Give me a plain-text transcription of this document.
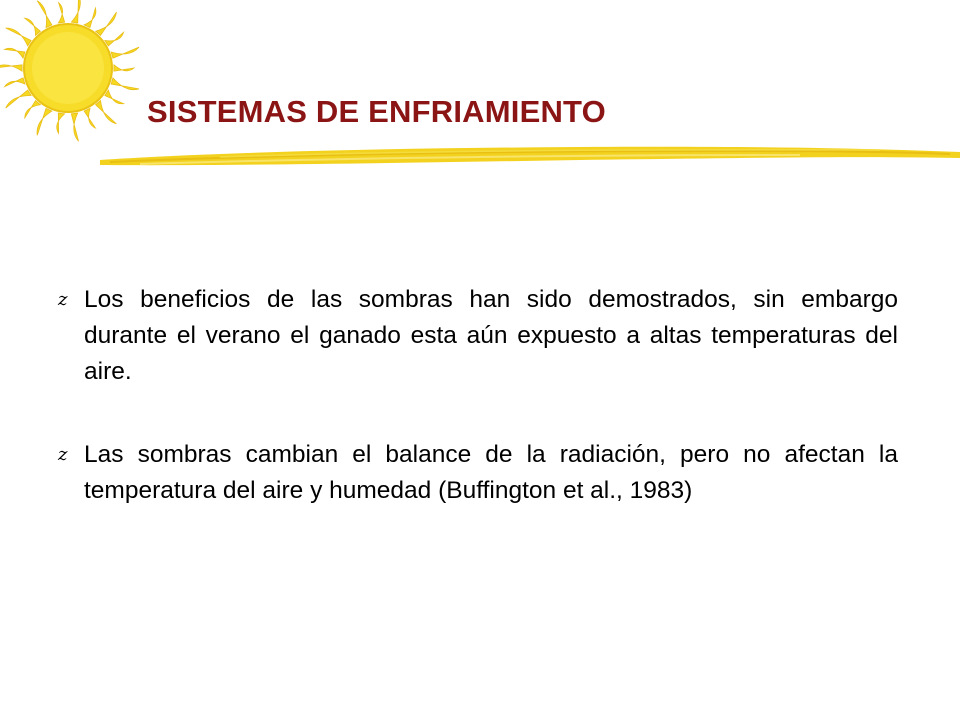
SISTEMAS DE ENFRIAMIENTO
z Los beneficios de las sombras han sido demostrados, sin embargo durante el verano el ganado esta aún expuesto a altas temperaturas del aire.
z Las sombras cambian el balance de la radiación, pero no afectan la temperatura del aire y humedad (Buffington et al., 1983)
